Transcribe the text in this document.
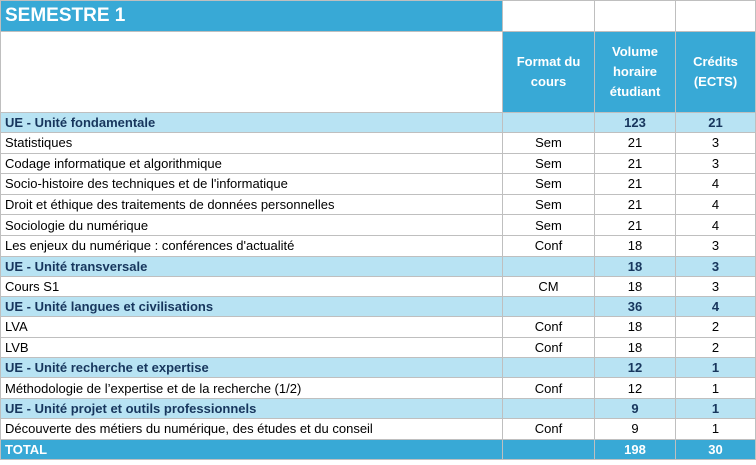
SEMESTRE 1			
	Format du cours	Volume horaire étudiant	Crédits (ECTS)
UE - Unité fondamentale		123	21
Statistiques	Sem	21	3
Codage informatique et algorithmique	Sem	21	3
Socio-histoire des techniques et de l'informatique	Sem	21	4
Droit et éthique des traitements de données personnelles	Sem	21	4
Sociologie du numérique	Sem	21	4
Les enjeux du numérique : conférences d'actualité	Conf	18	3
UE - Unité transversale		18	3
Cours S1	CM	18	3
UE - Unité langues et civilisations		36	4
LVA	Conf	18	2
LVB	Conf	18	2
UE - Unité recherche et expertise		12	1
Méthodologie de l’expertise et de la recherche (1/2)	Conf	12	1
UE - Unité projet et outils professionnels		9	1
Découverte des métiers du numérique, des études et du conseil	Conf	9	1
TOTAL		198	30
